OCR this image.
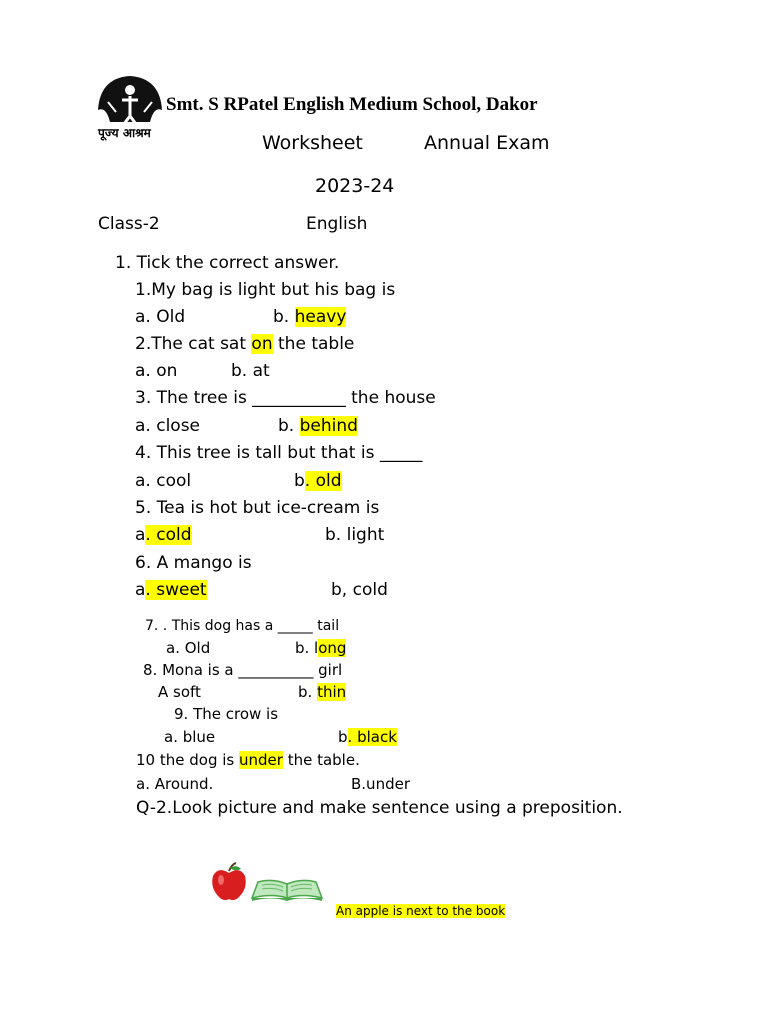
पूज्य आश्रम
Smt. S RPatel English Medium School, Dakor
Worksheet	Annual Exam
2023-24
Class-2	English
1. Tick the correct answer.
1.My bag is light but his bag is
a. Old	b. heavy
2.The cat sat on the table
a. on	b. at
3. The tree is ___________ the house
a. close	b. behind
4. This tree is tall but that is _____
a. cool	b. old
5. Tea is hot but ice-cream is
a. cold	b. light
6. A mango is
a. sweet	b, cold
7. . This dog has a _____ tail
a. Old	b. long
8. Mona is a __________ girl
A soft	b. thin
9. The crow is
a. blue	b. black
10 the dog is under the table.
a. Around.	B.under
Q-2.Look picture and make sentence using a preposition.
An apple is next to the book
